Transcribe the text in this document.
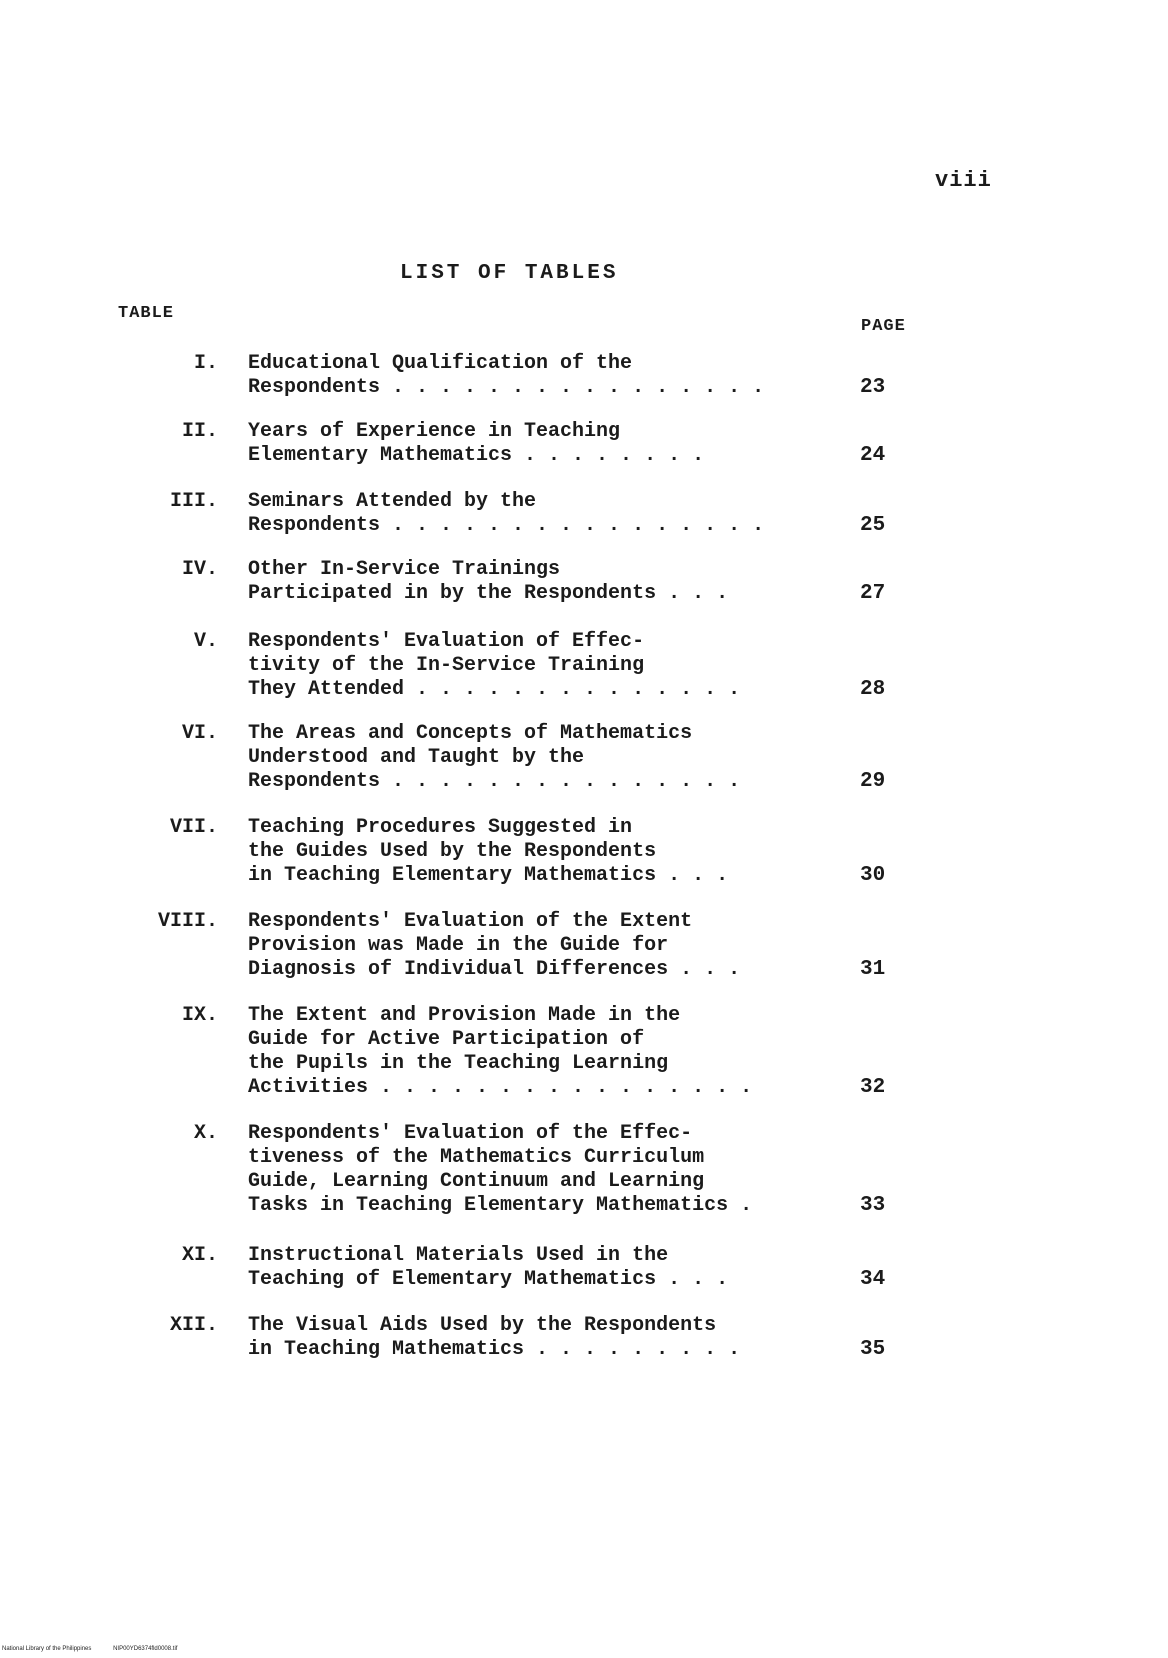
viii
LIST OF TABLES
TABLE
PAGE
I. Educational Qualification of the
Respondents . . . . . . . . . . . . . . . .	23
II. Years of Experience in Teaching
Elementary Mathematics . . . . . . . .	24
III. Seminars Attended by the
Respondents . . . . . . . . . . . . . . . .	25
IV. Other In-Service Trainings
Participated in by the Respondents . . .	27
V. Respondents' Evaluation of Effec-
tivity of the In-Service Training
They Attended . . . . . . . . . . . . . .	28
VI. The Areas and Concepts of Mathematics
Understood and Taught by the
Respondents . . . . . . . . . . . . . . .	29
VII. Teaching Procedures Suggested in
the Guides Used by the Respondents
in Teaching Elementary Mathematics . . .	30
VIII. Respondents' Evaluation of the Extent
Provision was Made in the Guide for
Diagnosis of Individual Differences . . .	31
IX. The Extent and Provision Made in the
Guide for Active Participation of
the Pupils in the Teaching Learning
Activities . . . . . . . . . . . . . . . .	32
X. Respondents' Evaluation of the Effec-
tiveness of the Mathematics Curriculum
Guide, Learning Continuum and Learning
Tasks in Teaching Elementary Mathematics .	33
XI. Instructional Materials Used in the
Teaching of Elementary Mathematics . . .	34
XII. The Visual Aids Used by the Respondents
in Teaching Mathematics . . . . . . . . .	35
National Library of the Philippines	NIP00YD6374fld0008.tif
